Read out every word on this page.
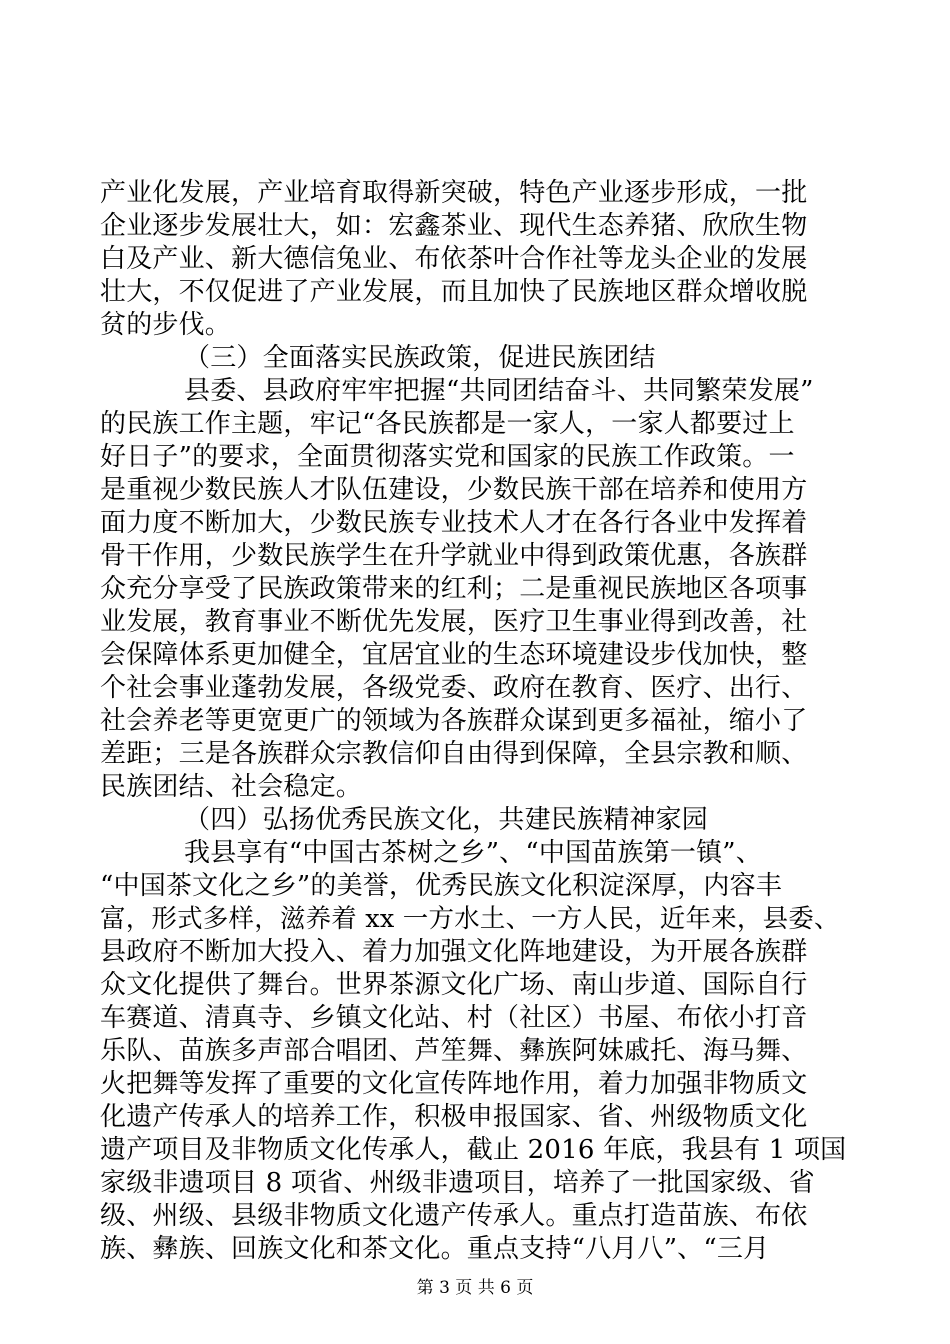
产业化发展，产业培育取得新突破，特色产业逐步形成，一批
企业逐步发展壮大，如：宏鑫茶业、现代生态养猪、欣欣生物
白及产业、新大德信兔业、布依茶叶合作社等龙头企业的发展
壮大，不仅促进了产业发展，而且加快了民族地区群众增收脱
贫的步伐。
（三）全面落实民族政策，促进民族团结
县委、县政府牢牢把握“共同团结奋斗、共同繁荣发展”
的民族工作主题，牢记“各民族都是一家人，一家人都要过上
好日子”的要求，全面贯彻落实党和国家的民族工作政策。一
是重视少数民族人才队伍建设，少数民族干部在培养和使用方
面力度不断加大，少数民族专业技术人才在各行各业中发挥着
骨干作用，少数民族学生在升学就业中得到政策优惠，各族群
众充分享受了民族政策带来的红利；二是重视民族地区各项事
业发展，教育事业不断优先发展，医疗卫生事业得到改善，社
会保障体系更加健全，宜居宜业的生态环境建设步伐加快，整
个社会事业蓬勃发展，各级党委、政府在教育、医疗、出行、
社会养老等更宽更广的领域为各族群众谋到更多福祉，缩小了
差距；三是各族群众宗教信仰自由得到保障，全县宗教和顺、
民族团结、社会稳定。
（四）弘扬优秀民族文化，共建民族精神家园
我县享有“中国古茶树之乡”、“中国苗族第一镇”、
“中国茶文化之乡”的美誉，优秀民族文化积淀深厚，内容丰
富，形式多样，滋养着 xx 一方水土、一方人民，近年来，县委、
县政府不断加大投入、着力加强文化阵地建设，为开展各族群
众文化提供了舞台。世界茶源文化广场、南山步道、国际自行
车赛道、清真寺、乡镇文化站、村（社区）书屋、布依小打音
乐队、苗族多声部合唱团、芦笙舞、彝族阿妹戚托、海马舞、
火把舞等发挥了重要的文化宣传阵地作用，着力加强非物质文
化遗产传承人的培养工作，积极申报国家、省、州级物质文化
遗产项目及非物质文化传承人，截止 2016 年底，我县有 1 项国
家级非遗项目 8 项省、州级非遗项目，培养了一批国家级、省
级、州级、县级非物质文化遗产传承人。重点打造苗族、布依
族、彝族、回族文化和茶文化。重点支持“八月八”、“三月
第 3 页 共 6 页
